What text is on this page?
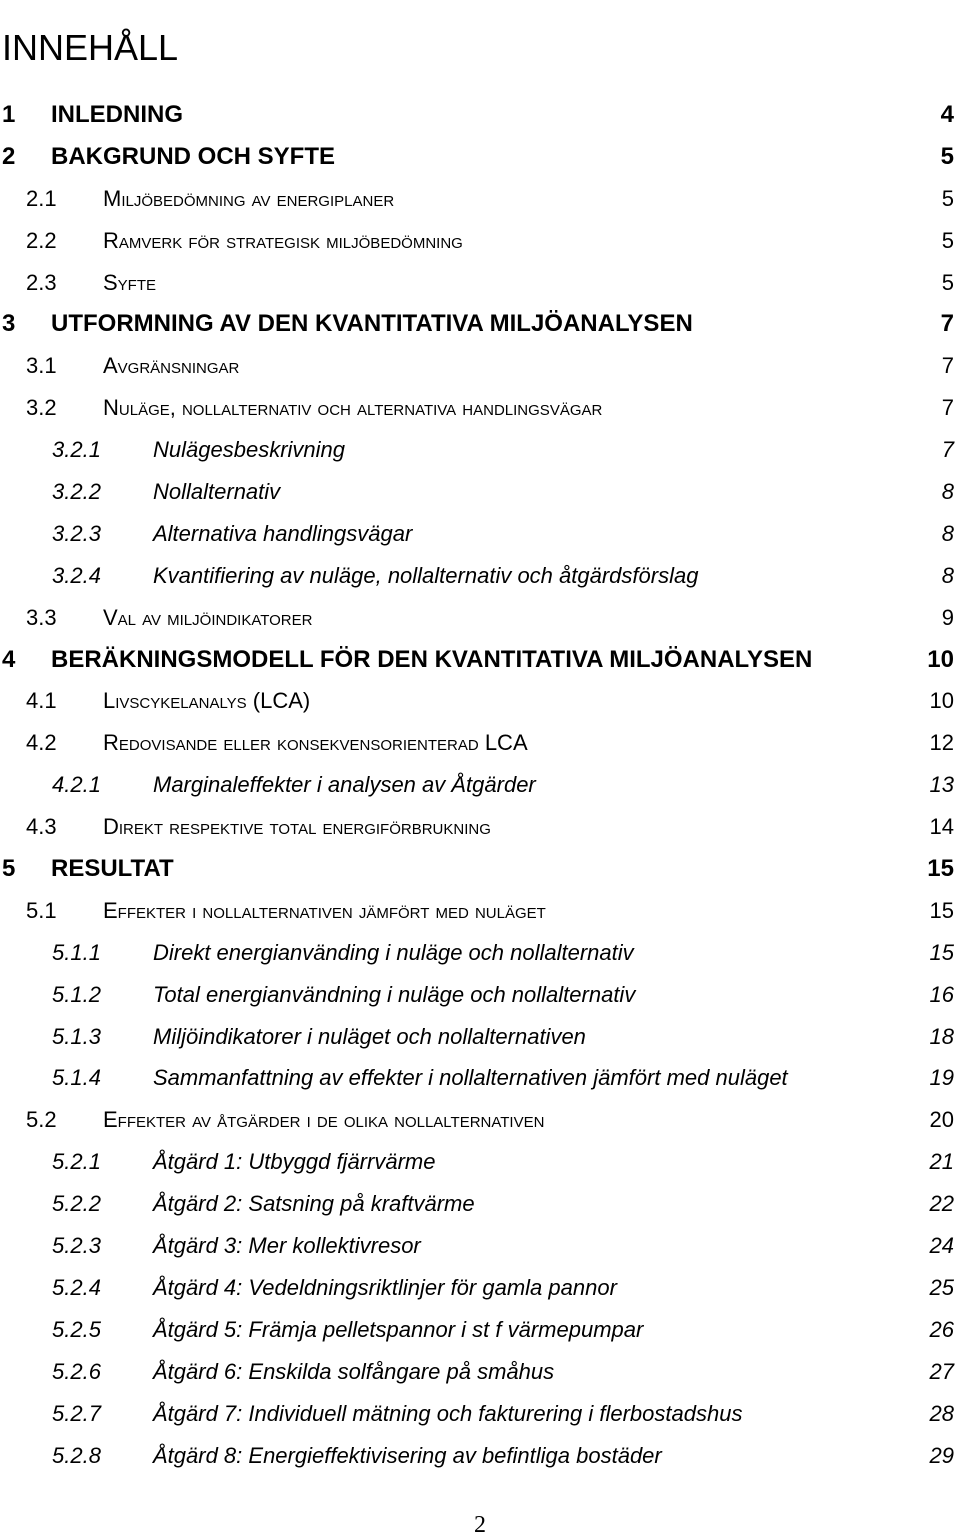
INNEHÅLL
1 INLEDNING	4
2 BAKGRUND OCH SYFTE	5
2.1 Miljöbedömning av energiplaner	5
2.2 Ramverk för strategisk miljöbedömning	5
2.3 Syfte	5
3 UTFORMNING AV DEN KVANTITATIVA MILJÖANALYSEN	7
3.1 Avgränsningar	7
3.2 Nuläge, nollalternativ och alternativa handlingsvägar	7
3.2.1 Nulägesbeskrivning	7
3.2.2 Nollalternativ	8
3.2.3 Alternativa handlingsvägar	8
3.2.4 Kvantifiering av nuläge, nollalternativ och åtgärdsförslag	8
3.3 Val av miljöindikatorer	9
4 BERÄKNINGSMODELL FÖR DEN KVANTITATIVA MILJÖANALYSEN	10
4.1 Livscykelanalys (LCA)	10
4.2 Redovisande eller konsekvensorienterad LCA	12
4.2.1 Marginaleffekter i analysen av Åtgärder	13
4.3 Direkt respektive total energiförbrukning	14
5 RESULTAT	15
5.1 Effekter i nollalternativen jämfört med nuläget	15
5.1.1 Direkt energianvänding i nuläge och nollalternativ	15
5.1.2 Total energianvändning i nuläge och nollalternativ	16
5.1.3 Miljöindikatorer i nuläget och nollalternativen	18
5.1.4 Sammanfattning av effekter i nollalternativen jämfört med nuläget	19
5.2 Effekter av åtgärder i de olika nollalternativen	20
5.2.1 Åtgärd 1: Utbyggd fjärrvärme	21
5.2.2 Åtgärd 2: Satsning på kraftvärme	22
5.2.3 Åtgärd 3: Mer kollektivresor	24
5.2.4 Åtgärd 4: Vedeldningsriktlinjer för gamla pannor	25
5.2.5 Åtgärd 5: Främja pelletspannor i st f värmepumpar	26
5.2.6 Åtgärd 6: Enskilda solfångare på småhus	27
5.2.7 Åtgärd 7: Individuell mätning och fakturering i flerbostadshus	28
5.2.8 Åtgärd 8: Energieffektivisering av befintliga bostäder	29
2
